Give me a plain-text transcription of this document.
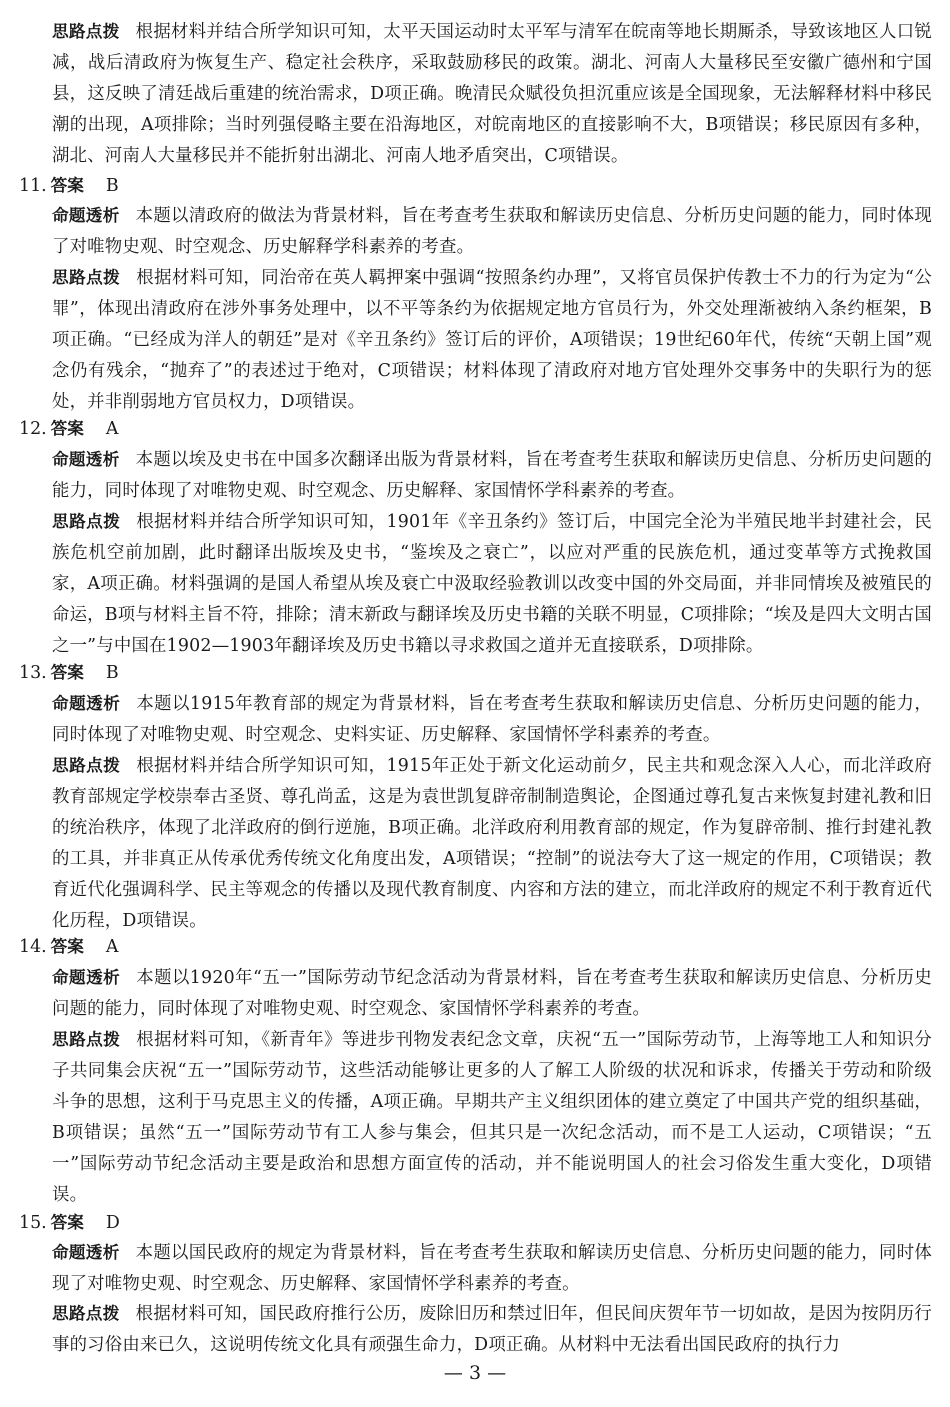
思路点拨 根据材料并结合所学知识可知，太平天国运动时太平军与清军在皖南等地长期厮杀，导致该地区人口锐减，战后清政府为恢复生产、稳定社会秩序，采取鼓励移民的政策。湖北、河南人大量移民至安徽广德州和宁国县，这反映了清廷战后重建的统治需求，D项正确。晚清民众赋役负担沉重应该是全国现象，无法解释材料中移民潮的出现，A项排除；当时列强侵略主要在沿海地区，对皖南地区的直接影响不大，B项错误；移民原因有多种，湖北、河南人大量移民并不能折射出湖北、河南人地矛盾突出，C项错误。

11. 答案 B

命题透析 本题以清政府的做法为背景材料，旨在考查考生获取和解读历史信息、分析历史问题的能力，同时体现了对唯物史观、时空观念、历史解释学科素养的考查。

思路点拨 根据材料可知，同治帝在英人羁押案中强调“按照条约办理”，又将官员保护传教士不力的行为定为“公罪”，体现出清政府在涉外事务处理中，以不平等条约为依据规定地方官员行为，外交处理渐被纳入条约框架，B项正确。“已经成为洋人的朝廷”是对《辛丑条约》签订后的评价，A项错误；19世纪60年代，传统“天朝上国”观念仍有残余，“抛弃了”的表述过于绝对，C项错误；材料体现了清政府对地方官处理外交事务中的失职行为的惩处，并非削弱地方官员权力，D项错误。

12. 答案 A

命题透析 本题以埃及史书在中国多次翻译出版为背景材料，旨在考查考生获取和解读历史信息、分析历史问题的能力，同时体现了对唯物史观、时空观念、历史解释、家国情怀学科素养的考查。

思路点拨 根据材料并结合所学知识可知，1901年《辛丑条约》签订后，中国完全沦为半殖民地半封建社会，民族危机空前加剧，此时翻译出版埃及史书，“鉴埃及之衰亡”，以应对严重的民族危机，通过变革等方式挽救国家，A项正确。材料强调的是国人希望从埃及衰亡中汲取经验教训以改变中国的外交局面，并非同情埃及被殖民的命运，B项与材料主旨不符，排除；清末新政与翻译埃及历史书籍的关联不明显，C项排除；“埃及是四大文明古国之一”与中国在1902—1903年翻译埃及历史书籍以寻求救国之道并无直接联系，D项排除。

13. 答案 B

命题透析 本题以1915年教育部的规定为背景材料，旨在考查考生获取和解读历史信息、分析历史问题的能力，同时体现了对唯物史观、时空观念、史料实证、历史解释、家国情怀学科素养的考查。

思路点拨 根据材料并结合所学知识可知，1915年正处于新文化运动前夕，民主共和观念深入人心，而北洋政府教育部规定学校崇奉古圣贤、尊孔尚孟，这是为袁世凯复辟帝制制造舆论，企图通过尊孔复古来恢复封建礼教和旧的统治秩序，体现了北洋政府的倒行逆施，B项正确。北洋政府利用教育部的规定，作为复辟帝制、推行封建礼教的工具，并非真正从传承优秀传统文化角度出发，A项错误；“控制”的说法夸大了这一规定的作用，C项错误；教育近代化强调科学、民主等观念的传播以及现代教育制度、内容和方法的建立，而北洋政府的规定不利于教育近代化历程，D项错误。

14. 答案 A

命题透析 本题以1920年“五一”国际劳动节纪念活动为背景材料，旨在考查考生获取和解读历史信息、分析历史问题的能力，同时体现了对唯物史观、时空观念、家国情怀学科素养的考查。

思路点拨 根据材料可知，《新青年》等进步刊物发表纪念文章，庆祝“五一”国际劳动节，上海等地工人和知识分子共同集会庆祝“五一”国际劳动节，这些活动能够让更多的人了解工人阶级的状况和诉求，传播关于劳动和阶级斗争的思想，这利于马克思主义的传播，A项正确。早期共产主义组织团体的建立奠定了中国共产党的组织基础，B项错误；虽然“五一”国际劳动节有工人参与集会，但其只是一次纪念活动，而不是工人运动，C项错误；“五一”国际劳动节纪念活动主要是政治和思想方面宣传的活动，并不能说明国人的社会习俗发生重大变化，D项错误。

15. 答案 D

命题透析 本题以国民政府的规定为背景材料，旨在考查考生获取和解读历史信息、分析历史问题的能力，同时体现了对唯物史观、时空观念、历史解释、家国情怀学科素养的考查。

思路点拨 根据材料可知，国民政府推行公历，废除旧历和禁过旧年，但民间庆贺年节一切如故，是因为按阴历行事的习俗由来已久，这说明传统文化具有顽强生命力，D项正确。从材料中无法看出国民政府的执行力

— 3 —
